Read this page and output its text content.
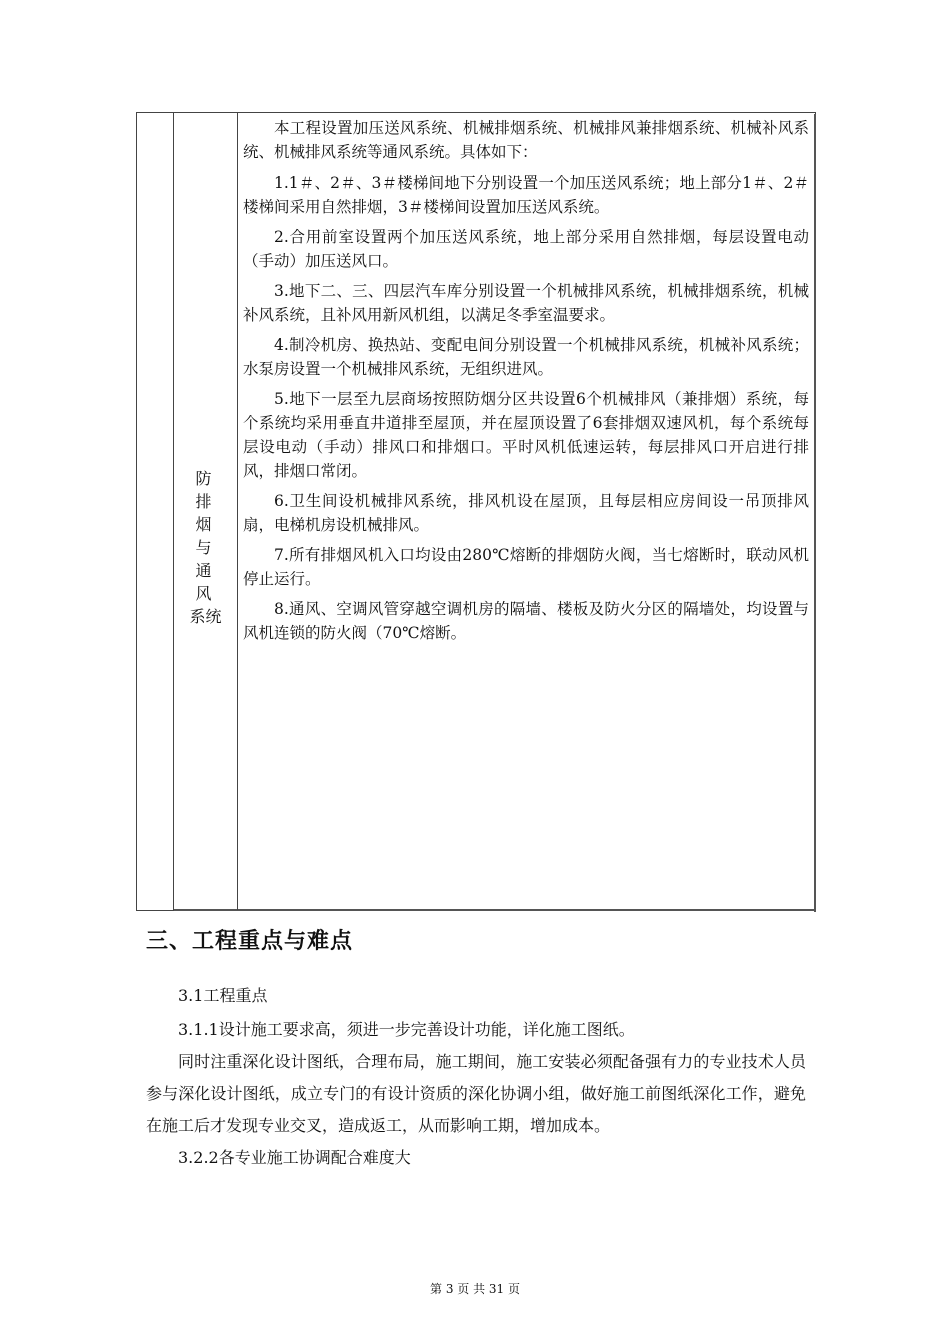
防 排
烟 与
通 风
系统

本工程设置加压送风系统、机械排烟系统、机械排风兼排烟系统、机械补风系统、机械排风系统等通风系统。具体如下：

1.1＃、2＃、3＃楼梯间地下分别设置一个加压送风系统；地上部分1＃、2＃楼梯间采用自然排烟，3＃楼梯间设置加压送风系统。

2.合用前室设置两个加压送风系统，地上部分采用自然排烟，每层设置电动（手动）加压送风口。

3.地下二、三、四层汽车库分别设置一个机械排风系统，机械排烟系统，机械补风系统，且补风用新风机组，以满足冬季室温要求。

4.制冷机房、换热站、变配电间分别设置一个机械排风系统，机械补风系统；水泵房设置一个机械排风系统，无组织进风。

5.地下一层至九层商场按照防烟分区共设置6个机械排风（兼排烟）系统，每个系统均采用垂直井道排至屋顶，并在屋顶设置了6套排烟双速风机，每个系统每层设电动（手动）排风口和排烟口。平时风机低速运转，每层排风口开启进行排风，排烟口常闭。

6.卫生间设机械排风系统，排风机设在屋顶，且每层相应房间设一吊顶排风扇，电梯机房设机械排风。

7.所有排烟风机入口均设由280℃熔断的排烟防火阀，当七熔断时，联动风机停止运行。

8.通风、空调风管穿越空调机房的隔墙、楼板及防火分区的隔墙处，均设置与风机连锁的防火阀（70℃熔断。

三、工程重点与难点

3.1工程重点

3.1.1设计施工要求高，须进一步完善设计功能，详化施工图纸。

同时注重深化设计图纸，合理布局，施工期间，施工安装必须配备强有力的专业技术人员参与深化设计图纸，成立专门的有设计资质的深化协调小组，做好施工前图纸深化工作，避免在施工后才发现专业交叉，造成返工，从而影响工期，增加成本。

3.2.2各专业施工协调配合难度大

第 3 页 共 31 页
